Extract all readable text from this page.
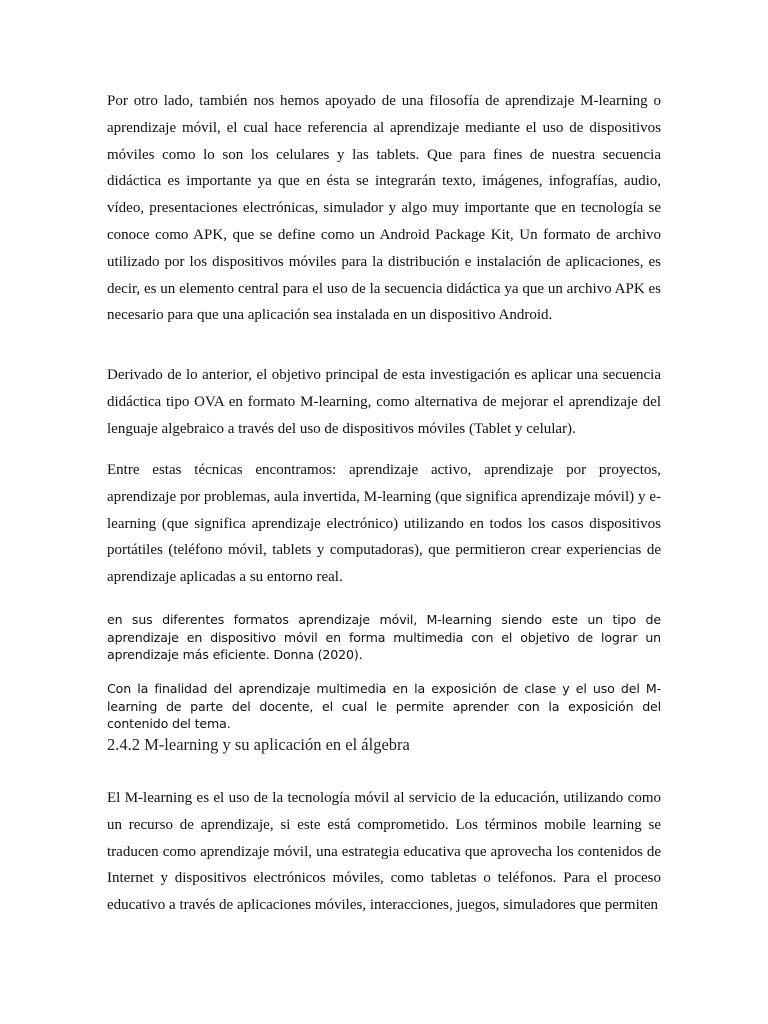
Por otro lado, también nos hemos apoyado de una filosofía de aprendizaje M-learning o aprendizaje móvil, el cual hace referencia al aprendizaje mediante el uso de dispositivos móviles como lo son los celulares y las tablets. Que para fines de nuestra secuencia didáctica es importante ya que en ésta se integrarán texto, imágenes, infografías, audio, vídeo, presentaciones electrónicas, simulador y algo muy importante que en tecnología se conoce como APK, que se define como un Android Package Kit, Un formato de archivo utilizado por los dispositivos móviles para la distribución e instalación de aplicaciones, es decir, es un elemento central para el uso de la secuencia didáctica ya que un archivo APK es necesario para que una aplicación sea instalada en un dispositivo Android.

Derivado de lo anterior, el objetivo principal de esta investigación es aplicar una secuencia didáctica tipo OVA en formato M-learning, como alternativa de mejorar el aprendizaje del lenguaje algebraico a través del uso de dispositivos móviles (Tablet y celular).

Entre estas técnicas encontramos: aprendizaje activo, aprendizaje por proyectos, aprendizaje por problemas, aula invertida, M-learning (que significa aprendizaje móvil) y e-learning (que significa aprendizaje electrónico) utilizando en todos los casos dispositivos portátiles (teléfono móvil, tablets y computadoras), que permitieron crear experiencias de aprendizaje aplicadas a su entorno real.

en sus diferentes formatos aprendizaje móvil, M-learning siendo este un tipo de aprendizaje en dispositivo móvil en forma multimedia con el objetivo de lograr un aprendizaje más eficiente. Donna (2020).

Con la finalidad del aprendizaje multimedia en la exposición de clase y el uso del M-learning de parte del docente, el cual le permite aprender con la exposición del contenido del tema.

2.4.2 M-learning y su aplicación en el álgebra

El M-learning es el uso de la tecnología móvil al servicio de la educación, utilizando como un recurso de aprendizaje, si este está comprometido. Los términos mobile learning se traducen como aprendizaje móvil, una estrategia educativa que aprovecha los contenidos de Internet y dispositivos electrónicos móviles, como tabletas o teléfonos. Para el proceso educativo a través de aplicaciones móviles, interacciones, juegos, simuladores que permiten
